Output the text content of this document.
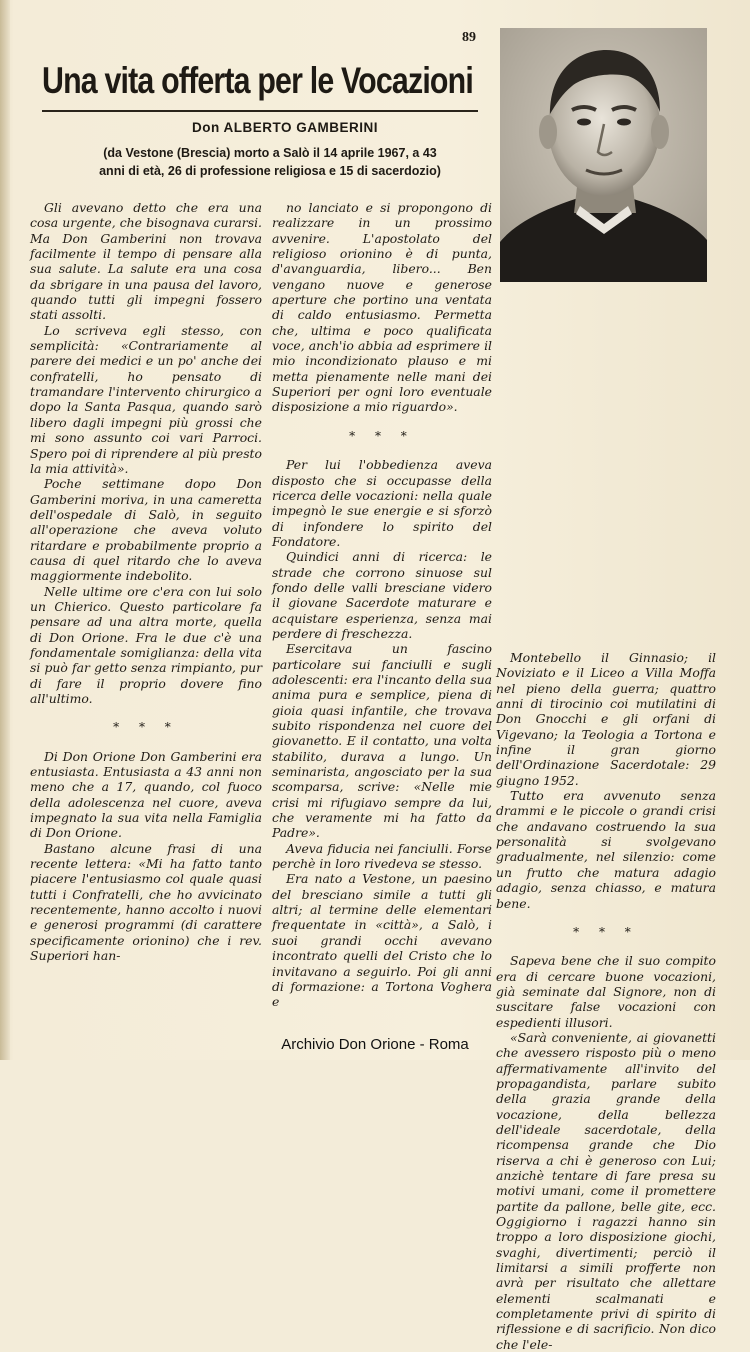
89
Una vita offerta per le Vocazioni
Don ALBERTO GAMBERINI
(da Vestone (Brescia) morto a Salò il 14 aprile 1967, a 43
anni di età, 26 di professione religiosa e 15 di sacerdozio)

Gli avevano detto che era una cosa urgente, che bisognava curarsi. Ma Don Gamberini non trovava facilmente il tempo di pensare alla sua salute. La salute era una cosa da sbrigare in una pausa del lavoro, quando tutti gli impegni fossero stati assolti.

Lo scriveva egli stesso, con semplicità: «Contrariamente al parere dei medici e un po' anche dei confratelli, ho pensato di tramandare l'intervento chirurgico a dopo la Santa Pasqua, quando sarò libero dagli impegni più grossi che mi sono assunto coi vari Parroci. Spero poi di riprendere al più presto la mia attività».

Poche settimane dopo Don Gamberini moriva, in una cameretta dell'ospedale di Salò, in seguito all'operazione che aveva voluto ritardare e probabilmente proprio a causa di quel ritardo che lo aveva maggiormente indebolito.

Nelle ultime ore c'era con lui solo un Chierico. Questo particolare fa pensare ad una altra morte, quella di Don Orione. Fra le due c'è una fondamentale somiglianza: della vita si può far getto senza rimpianto, pur di fare il proprio dovere fino all'ultimo.

* * *

Di Don Orione Don Gamberini era entusiasta. Entusiasta a 43 anni non meno che a 17, quando, col fuoco della adolescenza nel cuore, aveva impegnato la sua vita nella Famiglia di Don Orione.

Bastano alcune frasi di una recente lettera: «Mi ha fatto tanto piacere l'entusiasmo col quale quasi tutti i Confratelli, che ho avvicinato recentemente, hanno accolto i nuovi e generosi programmi (di carattere specificamente orionino) che i rev. Superiori han-

no lanciato e si propongono di realizzare in un prossimo avvenire. L'apostolato del religioso orionino è di punta, d'avanguardia, libero... Ben vengano nuove e generose aperture che portino una ventata di caldo entusiasmo. Permetta che, ultima e poco qualificata voce, anch'io abbia ad esprimere il mio incondizionato plauso e mi metta pienamente nelle mani dei Superiori per ogni loro eventuale disposizione a mio riguardo».

* * *

Per lui l'obbedienza aveva disposto che si occupasse della ricerca delle vocazioni: nella quale impegnò le sue energie e si sforzò di infondere lo spirito del Fondatore.

Quindici anni di ricerca: le strade che corrono sinuose sul fondo delle valli bresciane videro il giovane Sacerdote maturare e acquistare esperienza, senza mai perdere di freschezza.

Esercitava un fascino particolare sui fanciulli e sugli adolescenti: era l'incanto della sua anima pura e semplice, piena di gioia quasi infantile, che trovava subito rispondenza nel cuore del giovanetto. E il contatto, una volta stabilito, durava a lungo. Un seminarista, angosciato per la sua scomparsa, scrive: «Nelle mie crisi mi rifugiavo sempre da lui, che veramente mi ha fatto da Padre».

Aveva fiducia nei fanciulli. Forse perchè in loro rivedeva se stesso.

Era nato a Vestone, un paesino del bresciano simile a tutti gli altri; al termine delle elementari frequentate in «città», a Salò, i suoi grandi occhi avevano incontrato quelli del Cristo che lo invitavano a seguirlo. Poi gli anni di formazione: a Tortona Voghera e

Montebello il Ginnasio; il Noviziato e il Liceo a Villa Moffa nel pieno della guerra; quattro anni di tirocinio coi mutilatini di Don Gnocchi e gli orfani di Vigevano; la Teologia a Tortona e infine il gran giorno dell'Ordinazione Sacerdotale: 29 giugno 1952.

Tutto era avvenuto senza drammi e le piccole o grandi crisi che andavano costruendo la sua personalità si svolgevano gradualmente, nel silenzio: come un frutto che matura adagio adagio, senza chiasso, e matura bene.

* * *

Sapeva bene che il suo compito era di cercare buone vocazioni, già seminate dal Signore, non di suscitare false vocazioni con espedienti illusori.

«Sarà conveniente, ai giovanetti che avessero risposto più o meno affermativamente all'invito del propagandista, parlare subito della grazia grande della vocazione, della bellezza dell'ideale sacerdotale, della ricompensa grande che Dio riserva a chi è generoso con Lui; anzichè tentare di fare presa su motivi umani, come il promettere partite da pallone, belle gite, ecc. Oggigiorno i ragazzi hanno sin troppo a loro disposizione giochi, svaghi, divertimenti; perciò il limitarsi a simili profferte non avrà per risultato che allettare elementi scalmanati e completamente privi di spirito di riflessione e di sacrificio. Non dico che l'ele-

Archivio Don Orione - Roma
